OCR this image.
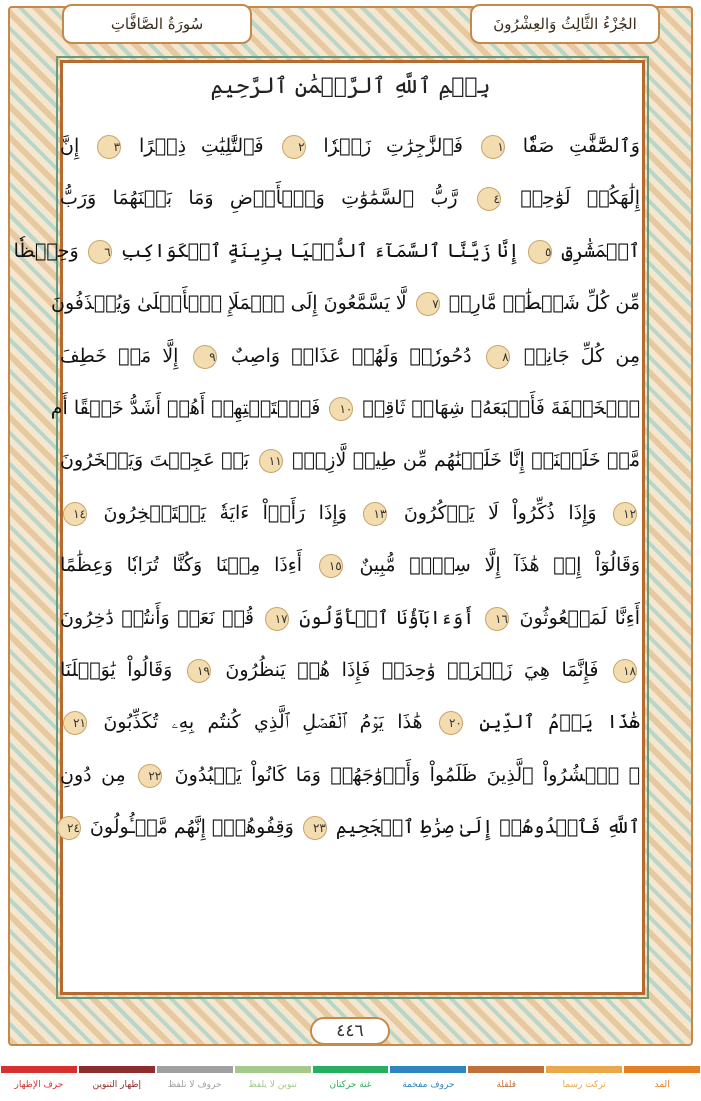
سُورَةُ الصَّافَّاتِ	الجُزْءُ الثَّالِثُ وَالعِشْرُونَ
بِسۡمِ ٱللَّهِ ٱلرَّحۡمَٰنِ ٱلرَّحِيمِ
وَٱلصَّٰٓفَّٰتِ صَفّٗا ١ فَٱلزَّٰجِرَٰتِ زَجۡرٗا ٢ فَٱلتَّٰلِيَٰتِ ذِكۡرًا ٣ إِنَّ
إِلَٰهَكُمۡ لَوَٰحِدٞ ٤ رَّبُّ ٱلسَّمَٰوَٰتِ وَٱلۡأَرۡضِ وَمَا بَيۡنَهُمَا وَرَبُّ
ٱلۡمَشَٰرِقِ ٥ إِنَّا زَيَّنَّا ٱلسَّمَآءَ ٱلدُّنۡيَا بِزِينَةٍ ٱلۡكَوَاكِبِ ٦ وَحِفۡظٗا
مِّن كُلِّ شَيۡطَٰنٖ مَّارِدٖ ٧ لَّا يَسَّمَّعُونَ إِلَى ٱلۡمَلَإِ ٱلۡأَعۡلَىٰ وَيُقۡذَفُونَ
مِن كُلِّ جَانِبٖ ٨ دُحُورٗاۖ وَلَهُمۡ عَذَابٞ وَاصِبٌ ٩ إِلَّا مَنۡ خَطِفَ
ٱلۡخَطۡفَةَ فَأَتۡبَعَهُۥ شِهَابٞ ثَاقِبٞ ١٠ فَٱسۡتَفۡتِهِمۡ أَهُمۡ أَشَدُّ خَلۡقًا أَم
مَّنۡ خَلَقۡنَآۚ إِنَّا خَلَقۡنَٰهُم مِّن طِينٖ لَّازِبِۭ ١١ بَلۡ عَجِبۡتَ وَيَسۡخَرُونَ
١٢ وَإِذَا ذُكِّرُواْ لَا يَذۡكُرُونَ ١٣ وَإِذَا رَأَوۡاْ ءَايَةٗ يَسۡتَسۡخِرُونَ ١٤
وَقَالُوٓاْ إِنۡ هَٰذَآ إِلَّا سِحۡرٞ مُّبِينٌ ١٥ أَءِذَا مِتۡنَا وَكُنَّا تُرَابٗا وَعِظَٰمًا
أَءِنَّا لَمَبۡعُوثُونَ ١٦ أَوَءَابَآؤُنَا ٱلۡأَوَّلُونَ ١٧ قُلۡ نَعَمۡ وَأَنتُمۡ دَٰخِرُونَ
١٨ فَإِنَّمَا هِيَ زَجۡرَةٞ وَٰحِدَةٞ فَإِذَا هُمۡ يَنظُرُونَ ١٩ وَقَالُواْ يَٰوَيۡلَنَا
هَٰذَا يَوۡمُ ٱلدِّينِ ٢٠ هَٰذَا يَوۡمُ ٱلۡفَصۡلِ ٱلَّذِي كُنتُم بِهِۦ تُكَذِّبُونَ ٢١
۞ ٱحۡشُرُواْ ٱلَّذِينَ ظَلَمُواْ وَأَزۡوَٰجَهُمۡ وَمَا كَانُواْ يَعۡبُدُونَ ٢٢ مِن دُونِ
ٱللَّهِ فَٱهۡدُوهُمۡ إِلَىٰ صِرَٰطِ ٱلۡجَحِيمِ ٢٣ وَقِفُوهُمۡۖ إِنَّهُم مَّسۡـُٔولُونَ ٢٤
٤٤٦
المد
تركت رسما
قلقلة
حروف مفخمة
غنة حركتان
تنوين لا يلفظ
حروف لا تلفظ
إظهار التنوين
حرف الإظهار
